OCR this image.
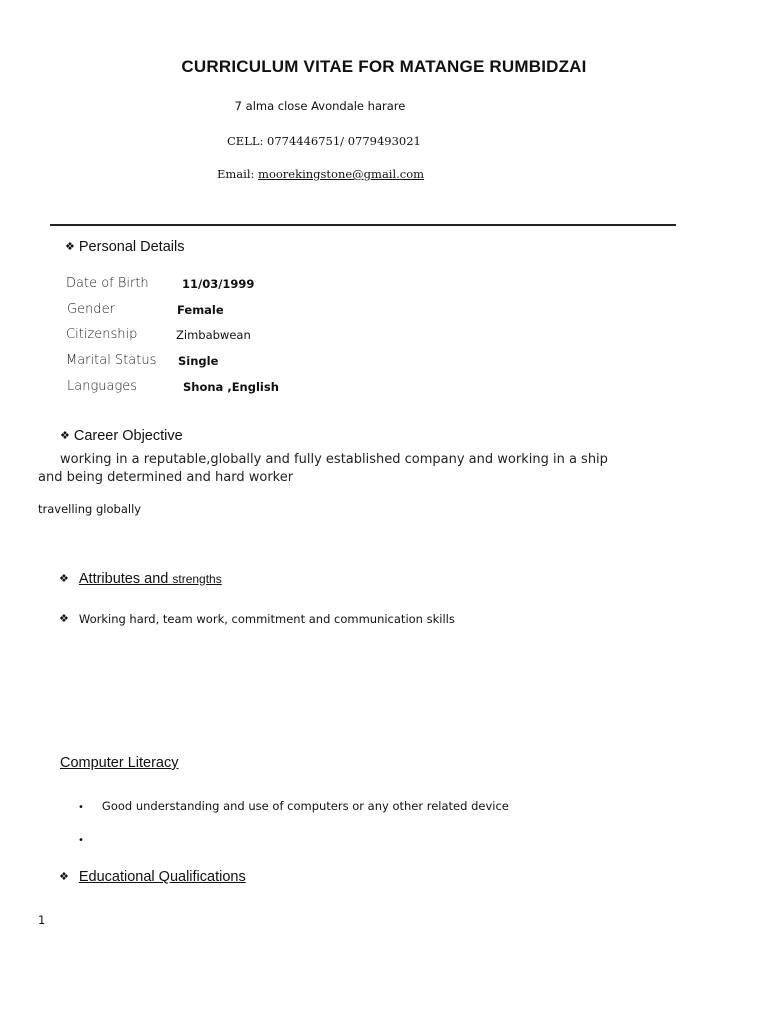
CURRICULUM VITAE FOR MATANGE RUMBIDZAI
7 alma close Avondale harare
CELL: 0774446751/ 0779493021
Email: moorekingstone@gmail.com
❖ Personal Details
Date of Birth	11/03/1999
Gender	Female
Citizenship	Zimbabwean
Marital Status Single
Languages	Shona ,English
❖ Career Objective
working in a reputable,globally and fully established company and working in a ship
and being determined and hard worker
travelling globally
❖ Attributes and strengths
❖ Working hard, team work, commitment and communication skills
Computer Literacy
• Good understanding and use of computers or any other related device
•
❖ Educational Qualifications
1
